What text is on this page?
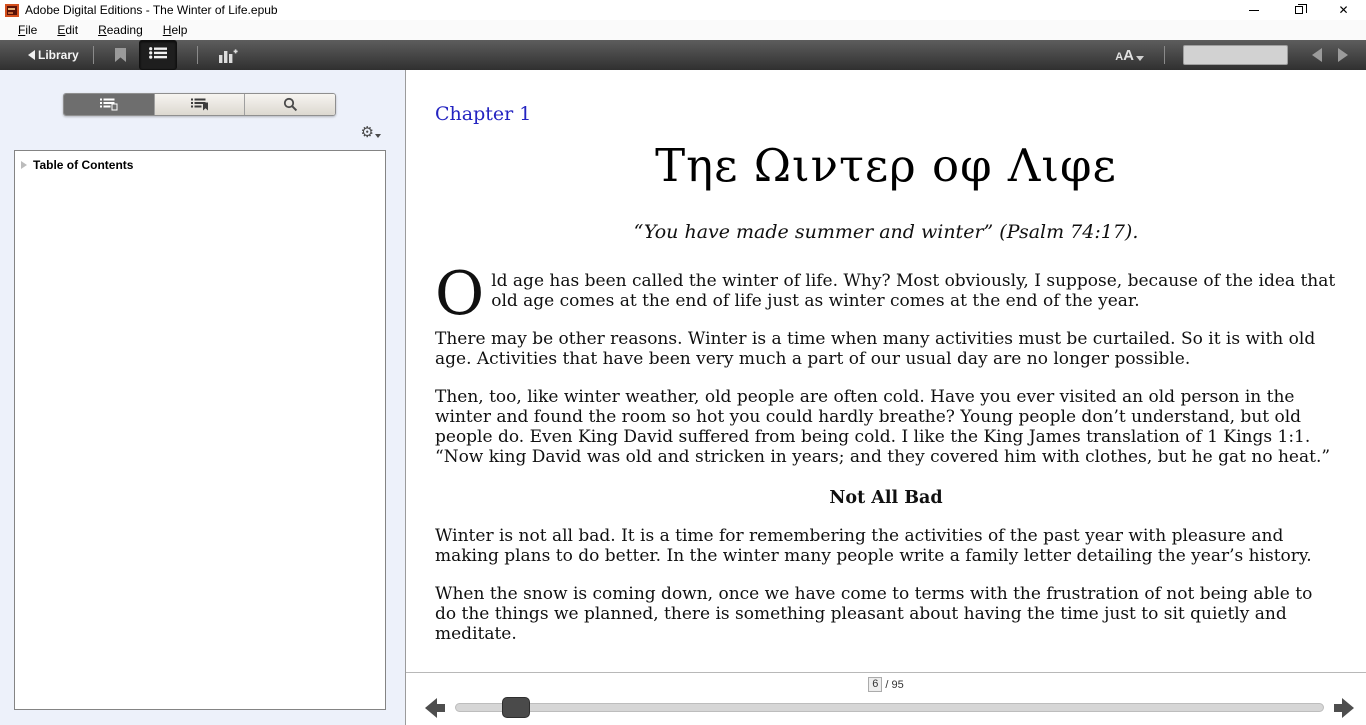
Adobe Digital Editions - The Winter of Life.epub	✕
File	Edit	Reading	Help
Library	A A
⚙
Table of Contents
Chapter 1
Τηε Ωιντερ οφ Λιφε
“You have made summer and winter” (Psalm 74:17).

Old age has been called the winter of life. Why? Most obviously, I suppose, because of the idea that old age comes at the end of life just as winter comes at the end of the year.

There may be other reasons. Winter is a time when many activities must be curtailed. So it is with old age. Activities that have been very much a part of our usual day are no longer possible.

Then, too, like winter weather, old people are often cold. Have you ever visited an old person in the winter and found the room so hot you could hardly breathe? Young people don’t understand, but old people do. Even King David suffered from being cold. I like the King James translation of 1 Kings 1:1. “Now king David was old and stricken in years; and they covered him with clothes, but he gat no heat.”

Not All Bad

Winter is not all bad. It is a time for remembering the activities of the past year with pleasure and making plans to do better. In the winter many people write a family letter detailing the year’s history.

When the snow is coming down, once we have come to terms with the frustration of not being able to do the things we planned, there is something pleasant about having the time just to sit quietly and meditate.

6 / 95
